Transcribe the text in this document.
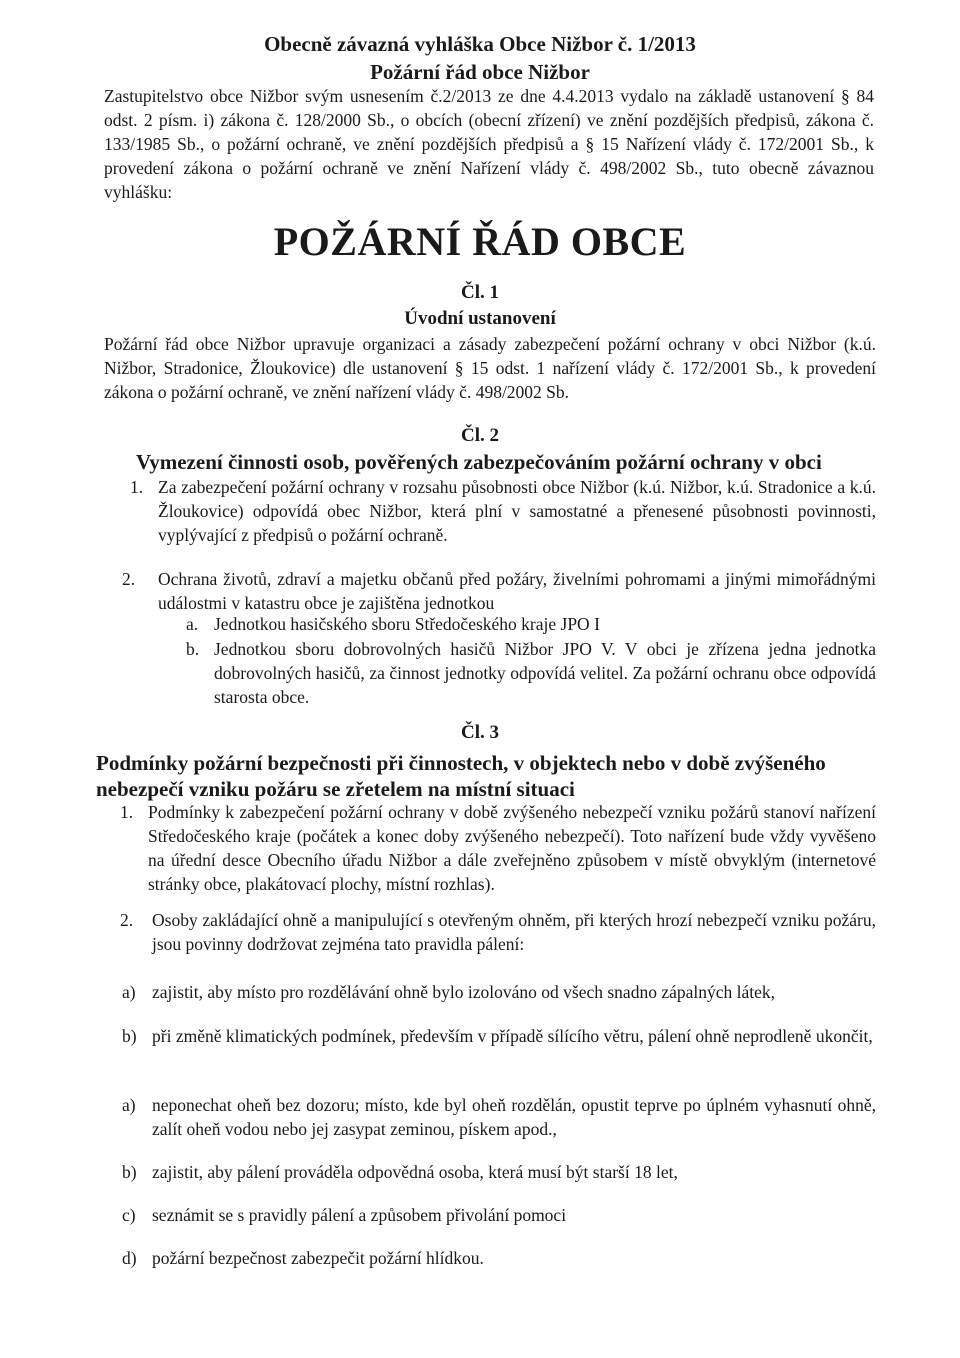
Obecně závazná vyhláška Obce Nižbor č. 1/2013
Požární řád obce Nižbor

Zastupitelstvo obce Nižbor svým usnesením č.2/2013 ze dne 4.4.2013 vydalo na základě ustanovení § 84 odst. 2 písm. i) zákona č. 128/2000 Sb., o obcích (obecní zřízení) ve znění pozdějších předpisů, zákona č. 133/1985 Sb., o požární ochraně, ve znění pozdějších předpisů a § 15 Nařízení vlády č. 172/2001 Sb., k provedení zákona o požární ochraně ve znění Nařízení vlády č. 498/2002 Sb., tuto obecně závaznou vyhlášku:

POŽÁRNÍ ŘÁD OBCE
Čl. 1
Úvodní ustanovení

Požární řád obce Nižbor upravuje organizaci a zásady zabezpečení požární ochrany v obci Nižbor (k.ú. Nižbor, Stradonice, Žloukovice) dle ustanovení § 15 odst. 1 nařízení vlády č. 172/2001 Sb., k provedení zákona o požární ochraně, ve znění nařízení vlády č. 498/2002 Sb.

Čl. 2
Vymezení činnosti osob, pověřených zabezpečováním požární ochrany v obci
1. Za zabezpečení požární ochrany v rozsahu působnosti obce Nižbor (k.ú. Nižbor, k.ú. Stradonice a k.ú. Žloukovice) odpovídá obec Nižbor, která plní v samostatné a přenesené působnosti povinnosti, vyplývající z předpisů o požární ochraně.
2. Ochrana životů, zdraví a majetku občanů před požáry, živelními pohromami a jinými mimořádnými událostmi v katastru obce je zajištěna jednotkou
a. Jednotkou hasičského sboru Středočeského kraje JPO I
b. Jednotkou sboru dobrovolných hasičů Nižbor JPO V. V obci je zřízena jedna jednotka dobrovolných hasičů, za činnost jednotky odpovídá velitel. Za požární ochranu obce odpovídá starosta obce.
Čl. 3
Podmínky požární bezpečnosti při činnostech, v objektech nebo v době zvýšeného nebezpečí vzniku požáru se zřetelem na místní situaci
1. Podmínky k zabezpečení požární ochrany v době zvýšeného nebezpečí vzniku požárů stanoví nařízení Středočeského kraje (počátek a konec doby zvýšeného nebezpečí). Toto nařízení bude vždy vyvěšeno na úřední desce Obecního úřadu Nižbor a dále zveřejněno způsobem v místě obvyklým (internetové stránky obce, plakátovací plochy, místní rozhlas).
2. Osoby zakládající ohně a manipulující s otevřeným ohněm, při kterých hrozí nebezpečí vzniku požáru, jsou povinny dodržovat zejména tato pravidla pálení:
a) zajistit, aby místo pro rozdělávání ohně bylo izolováno od všech snadno zápalných látek,
b) při změně klimatických podmínek, především v případě sílícího větru, pálení ohně neprodleně ukončit,
a) neponechat oheň bez dozoru; místo, kde byl oheň rozdělán, opustit teprve po úplném vyhasnutí ohně, zalít oheň vodou nebo jej zasypat zeminou, pískem apod.,
b) zajistit, aby pálení prováděla odpovědná osoba, která musí být starší 18 let,
c) seznámit se s pravidly pálení a způsobem přivolání pomoci
d) požární bezpečnost zabezpečit požární hlídkou.
